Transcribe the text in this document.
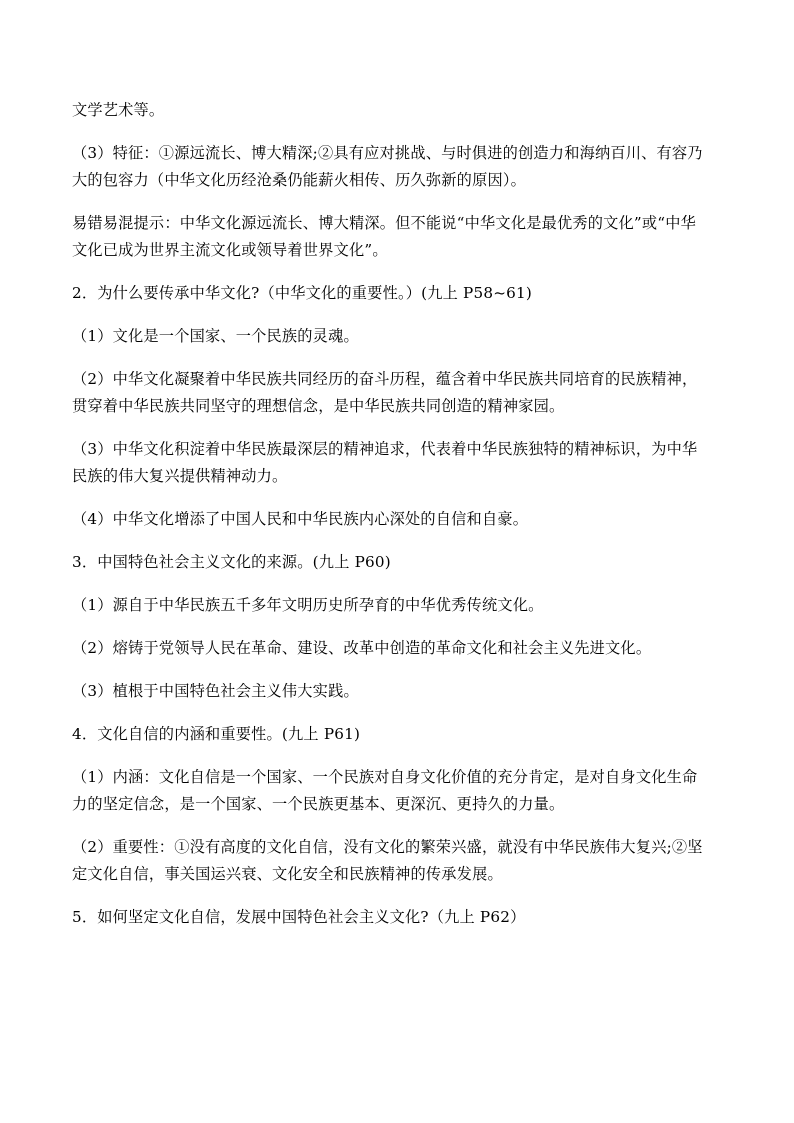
文学艺术等。

（3）特征：①源远流长、博大精深;②具有应对挑战、与时俱进的创造力和海纳百川、有容乃

大的包容力（中华文化历经沧桑仍能薪火相传、历久弥新的原因）。

易错易混提示：中华文化源远流长、博大精深。但不能说“中华文化是最优秀的文化”或“中华

文化已成为世界主流文化或领导着世界文化”。

2．为什么要传承中华文化?（中华文化的重要性。）(九上 P58~61)

（1）文化是一个国家、一个民族的灵魂。

（2）中华文化凝聚着中华民族共同经历的奋斗历程，蕴含着中华民族共同培育的民族精神，

贯穿着中华民族共同坚守的理想信念，是中华民族共同创造的精神家园。

（3）中华文化积淀着中华民族最深层的精神追求，代表着中华民族独特的精神标识，为中华

民族的伟大复兴提供精神动力。

（4）中华文化增添了中国人民和中华民族内心深处的自信和自豪。

3．中国特色社会主义文化的来源。(九上 P60)

（1）源自于中华民族五千多年文明历史所孕育的中华优秀传统文化。

（2）熔铸于党领导人民在革命、建设、改革中创造的革命文化和社会主义先进文化。

（3）植根于中国特色社会主义伟大实践。

4．文化自信的内涵和重要性。(九上 P61)

（1）内涵：文化自信是一个国家、一个民族对自身文化价值的充分肯定，是对自身文化生命

力的坚定信念，是一个国家、一个民族更基本、更深沉、更持久的力量。

（2）重要性：①没有高度的文化自信，没有文化的繁荣兴盛，就没有中华民族伟大复兴;②坚

定文化自信，事关国运兴衰、文化安全和民族精神的传承发展。

5．如何坚定文化自信，发展中国特色社会主义文化?（九上 P62）
